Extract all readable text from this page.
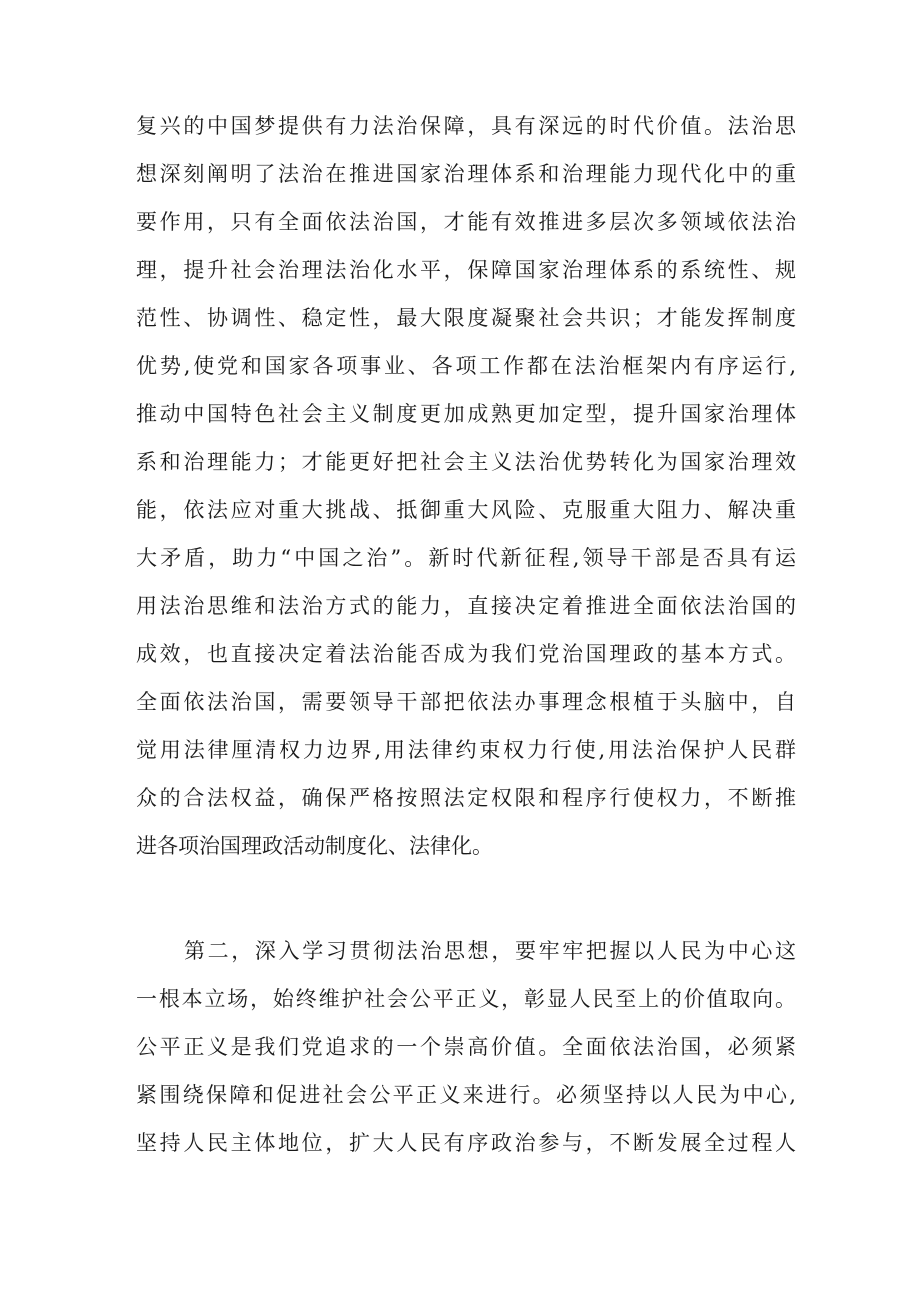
复兴的中国梦提供有力法治保障，具有深远的时代价值。法治思
想深刻阐明了法治在推进国家治理体系和治理能力现代化中的重
要作用，只有全面依法治国，才能有效推进多层次多领域依法治
理，提升社会治理法治化水平，保障国家治理体系的系统性、规
范性、协调性、稳定性，最大限度凝聚社会共识；才能发挥制度
优势,使党和国家各项事业、各项工作都在法治框架内有序运行,
推动中国特色社会主义制度更加成熟更加定型，提升国家治理体
系和治理能力；才能更好把社会主义法治优势转化为国家治理效
能，依法应对重大挑战、抵御重大风险、克服重大阻力、解决重
大矛盾，助力“中国之治”。新时代新征程,领导干部是否具有运
用法治思维和法治方式的能力，直接决定着推进全面依法治国的
成效，也直接决定着法治能否成为我们党治国理政的基本方式。
全面依法治国，需要领导干部把依法办事理念根植于头脑中，自
觉用法律厘清权力边界,用法律约束权力行使,用法治保护人民群
众的合法权益，确保严格按照法定权限和程序行使权力，不断推
进各项治国理政活动制度化、法律化。
第二，深入学习贯彻法治思想，要牢牢把握以人民为中心这
一根本立场，始终维护社会公平正义，彰显人民至上的价值取向。
公平正义是我们党追求的一个崇高价值。全面依法治国，必须紧
紧围绕保障和促进社会公平正义来进行。必须坚持以人民为中心,
坚持人民主体地位，扩大人民有序政治参与，不断发展全过程人
